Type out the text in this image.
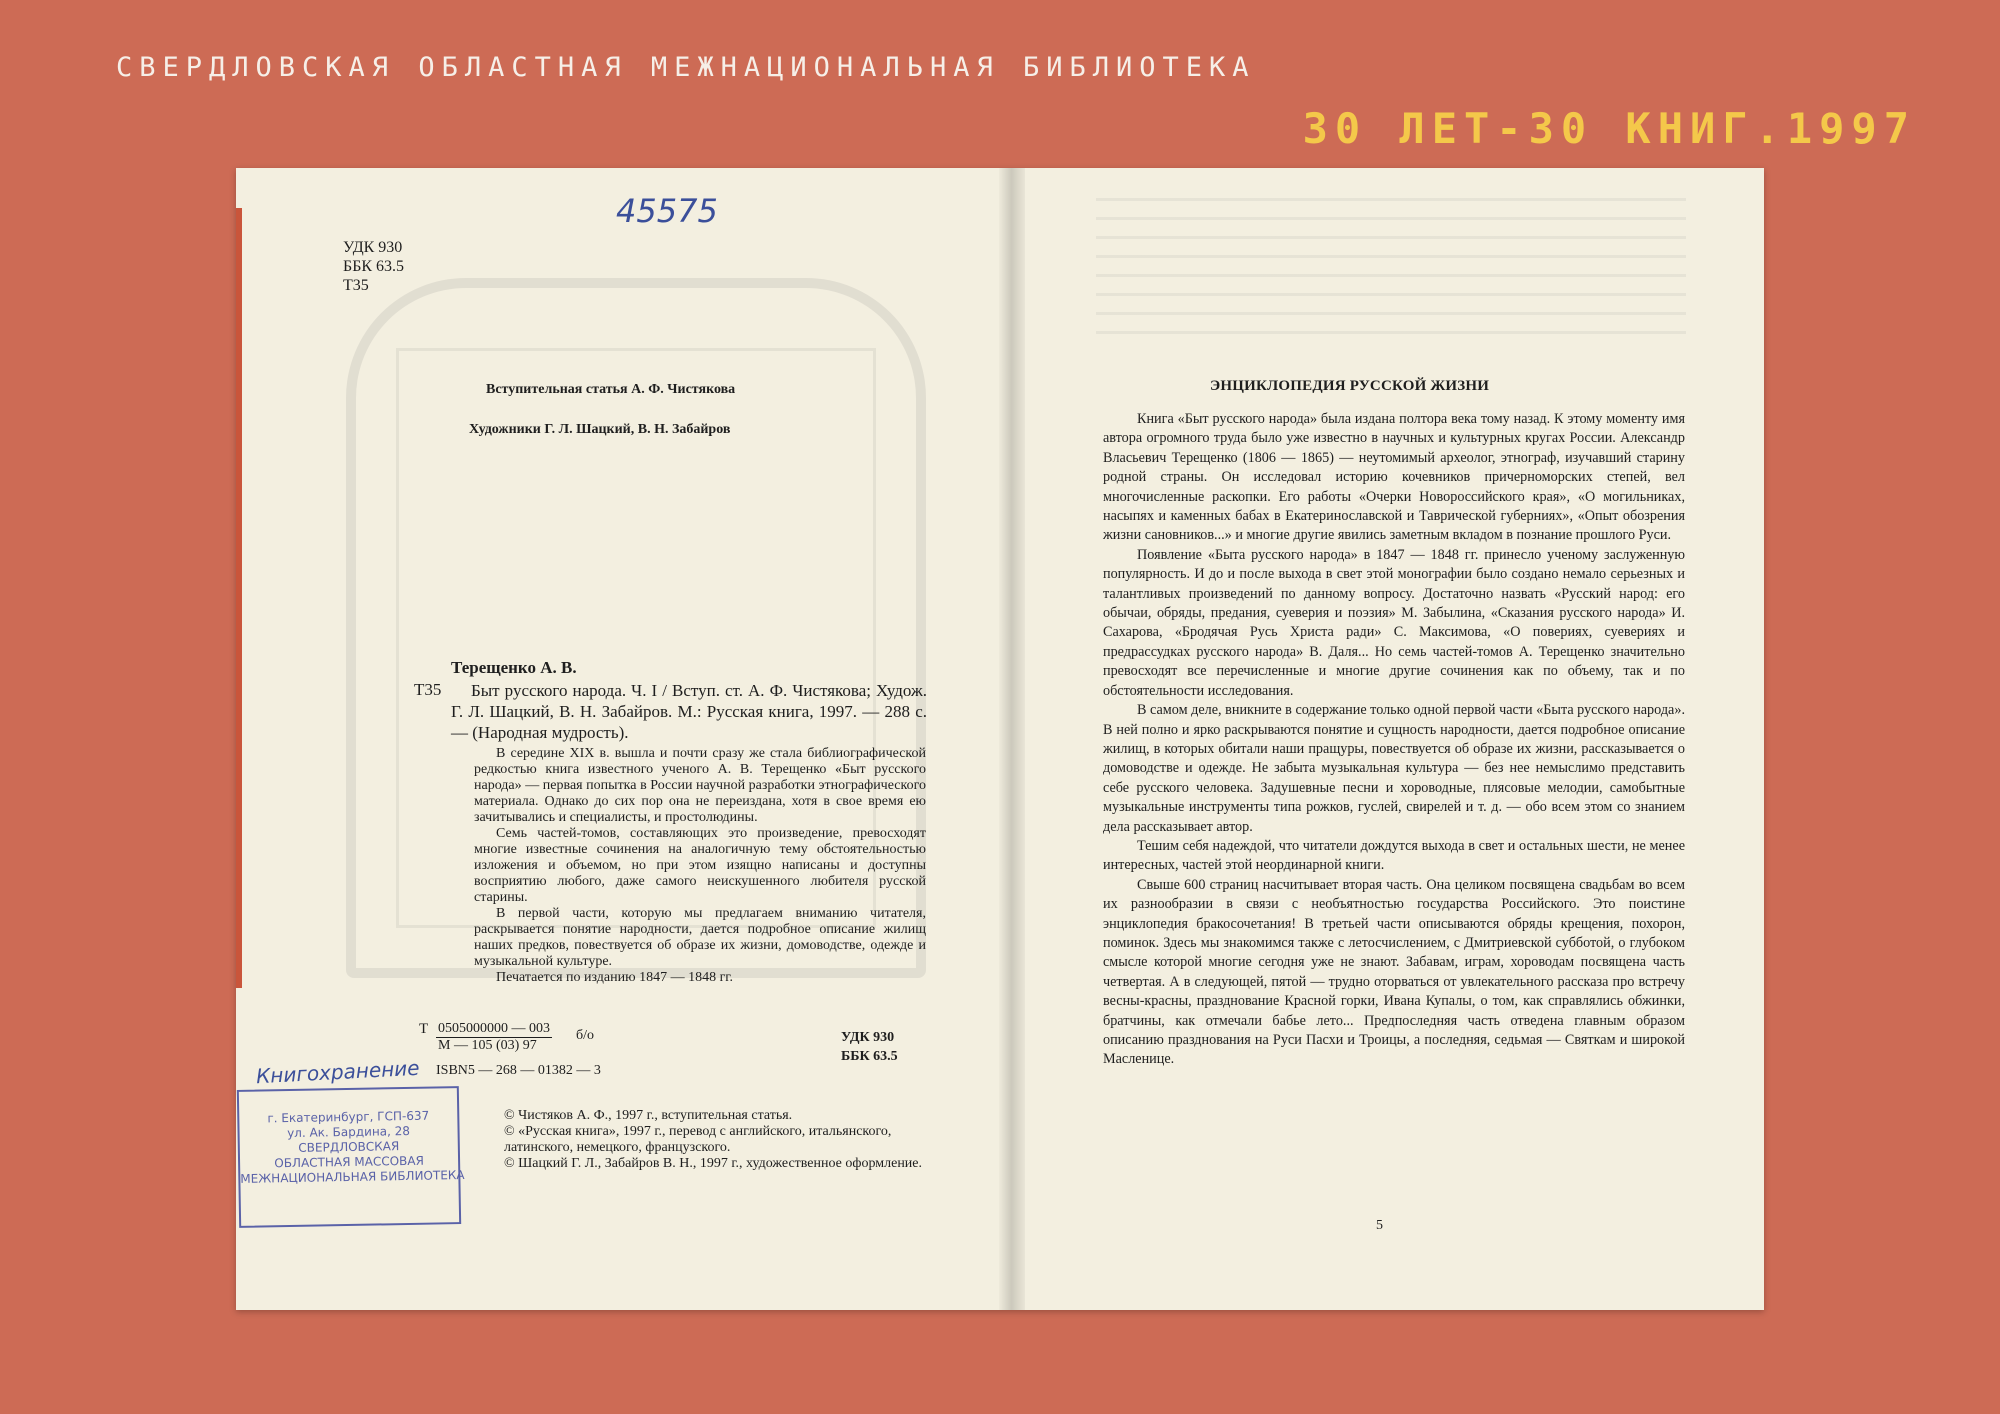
СВЕРДЛОВСКАЯ ОБЛАСТНАЯ МЕЖНАЦИОНАЛЬНАЯ БИБЛИОТЕКА
30 ЛЕТ-30 КНИГ.1997
45575
УДК 930
ББК 63.5
Т35
Вступительная статья А. Ф. Чистякова
Художники Г. Л. Шацкий, В. Н. Забайров
Терещенко А. В.
Т35	Быт русского народа. Ч. I / Вступ. ст. А. Ф. Чистякова; Худож. Г. Л. Шацкий, В. Н. Забайров. М.: Русская книга, 1997. — 288 с. — (Народная мудрость).

В середине XIX в. вышла и почти сразу же стала библиографической редкостью книга известного ученого А. В. Терещенко «Быт русского народа» — первая попытка в России научной разработки этнографического материала. Однако до сих пор она не переиздана, хотя в свое время ею зачитывались и специалисты, и простолюдины.

Семь частей-томов, составляющих это произведение, превосходят многие известные сочинения на аналогичную тему обстоятельностью изложения и объемом, но при этом изящно написаны и доступны восприятию любого, даже самого неискушенного любителя русской старины.

В первой части, которую мы предлагаем вниманию читателя, раскрывается понятие народности, дается подробное описание жилищ наших предков, повествуется об образе их жизни, домоводстве, одежде и музыкальной культуре.

Печатается по изданию 1847 — 1848 гг.

Т 0505000000 — 003
М — 105 (03) 97
б/о
ISBN5 — 268 — 01382 — 3
УДК 930
ББК 63.5
Книгохранение
г. Екатеринбург, ГСП-637
ул. Ак. Бардина, 28
СВЕРДЛОВСКАЯ
ОБЛАСТНАЯ МАССОВАЯ
МЕЖНАЦИОНАЛЬНАЯ БИБЛИОТЕКА
© Чистяков А. Ф., 1997 г., вступительная статья.
© «Русская книга», 1997 г., перевод с английского, итальянского, латинского, немецкого, французского.
© Шацкий Г. Л., Забайров В. Н., 1997 г., художественное оформление.
ЭНЦИКЛОПЕДИЯ РУССКОЙ ЖИЗНИ

Книга «Быт русского народа» была издана полтора века тому назад. К этому моменту имя автора огромного труда было уже известно в научных и культурных кругах России. Александр Власьевич Терещенко (1806 — 1865) — неутомимый археолог, этнограф, изучавший старину родной страны. Он исследовал историю кочевников причерноморских степей, вел многочисленные раскопки. Его работы «Очерки Новороссийского края», «О могильниках, насыпях и каменных бабах в Екатеринославской и Таврической губерниях», «Опыт обозрения жизни сановников...» и многие другие явились заметным вкладом в познание прошлого Руси.

Появление «Быта русского народа» в 1847 — 1848 гг. принесло ученому заслуженную популярность. И до и после выхода в свет этой монографии было создано немало серьезных и талантливых произведений по данному вопросу. Достаточно назвать «Русский народ: его обычаи, обряды, предания, суеверия и поэзия» М. Забылина, «Сказания русского народа» И. Сахарова, «Бродячая Русь Христа ради» С. Максимова, «О повериях, суевериях и предрассудках русского народа» В. Даля... Но семь частей-томов А. Терещенко значительно превосходят все перечисленные и многие другие сочинения как по объему, так и по обстоятельности исследования.

В самом деле, вникните в содержание только одной первой части «Быта русского народа». В ней полно и ярко раскрываются понятие и сущность народности, дается подробное описание жилищ, в которых обитали наши пращуры, повествуется об образе их жизни, рассказывается о домоводстве и одежде. Не забыта музыкальная культура — без нее немыслимо представить себе русского человека. Задушевные песни и хороводные, плясовые мелодии, самобытные музыкальные инструменты типа рожков, гуслей, свирелей и т. д. — обо всем этом со знанием дела рассказывает автор.

Тешим себя надеждой, что читатели дождутся выхода в свет и остальных шести, не менее интересных, частей этой неординарной книги.

Свыше 600 страниц насчитывает вторая часть. Она целиком посвящена свадьбам во всем их разнообразии в связи с необъятностью государства Российского. Это поистине энциклопедия бракосочетания! В третьей части описываются обряды крещения, похорон, поминок. Здесь мы знакомимся также с летосчислением, с Дмитриевской субботой, о глубоком смысле которой многие сегодня уже не знают. Забавам, играм, хороводам посвящена часть четвертая. А в следующей, пятой — трудно оторваться от увлекательного рассказа про встречу весны-красны, празднование Красной горки, Ивана Купалы, о том, как справлялись обжинки, братчины, как отмечали бабье лето... Предпоследняя часть отведена главным образом описанию празднования на Руси Пасхи и Троицы, а последняя, седьмая — Святкам и широкой Масленице.

5
